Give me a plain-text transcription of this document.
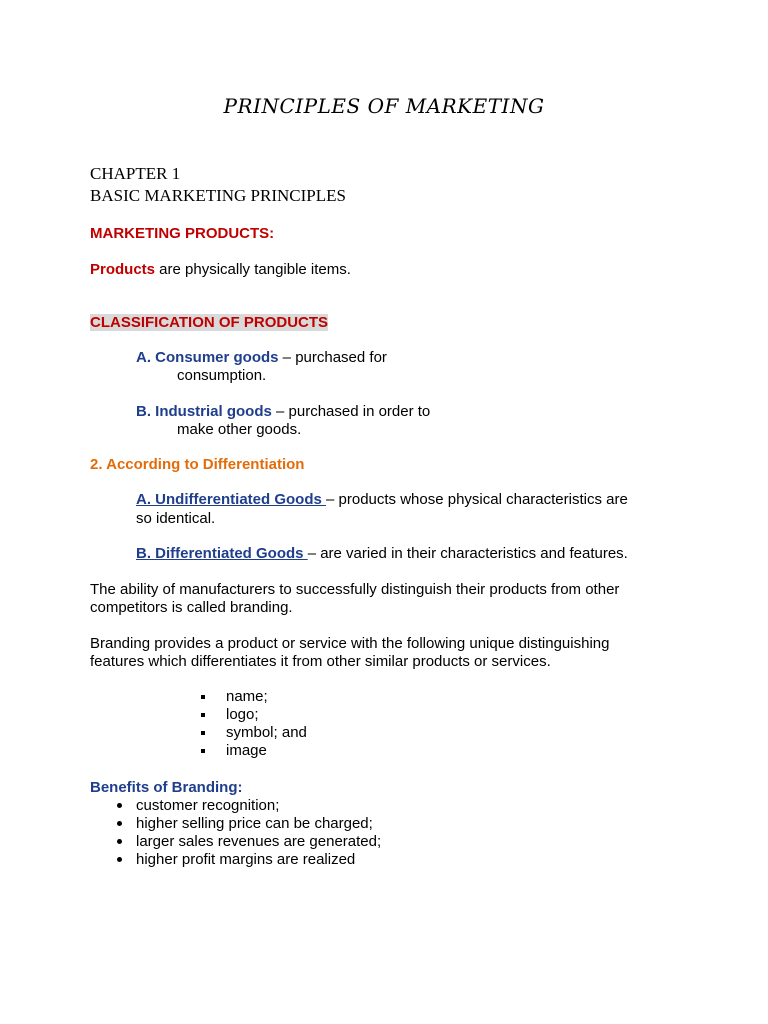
PRINCIPLES OF MARKETING
CHAPTER 1
BASIC MARKETING PRINCIPLES
MARKETING PRODUCTS:
Products are physically tangible items.
CLASSIFICATION OF PRODUCTS
A. Consumer goods – purchased for
consumption.
B. Industrial goods – purchased in order to
make other goods.
2. According to Differentiation
A. Undifferentiated Goods – products whose physical characteristics are
so identical.
B. Differentiated Goods – are varied in their characteristics and features.
The ability of manufacturers to successfully distinguish their products from other
competitors is called branding.
Branding provides a product or service with the following unique distinguishing
features which differentiates it from other similar products or services.
name;
logo;
symbol; and
image
Benefits of Branding:
customer recognition;
higher selling price can be charged;
larger sales revenues are generated;
higher profit margins are realized
